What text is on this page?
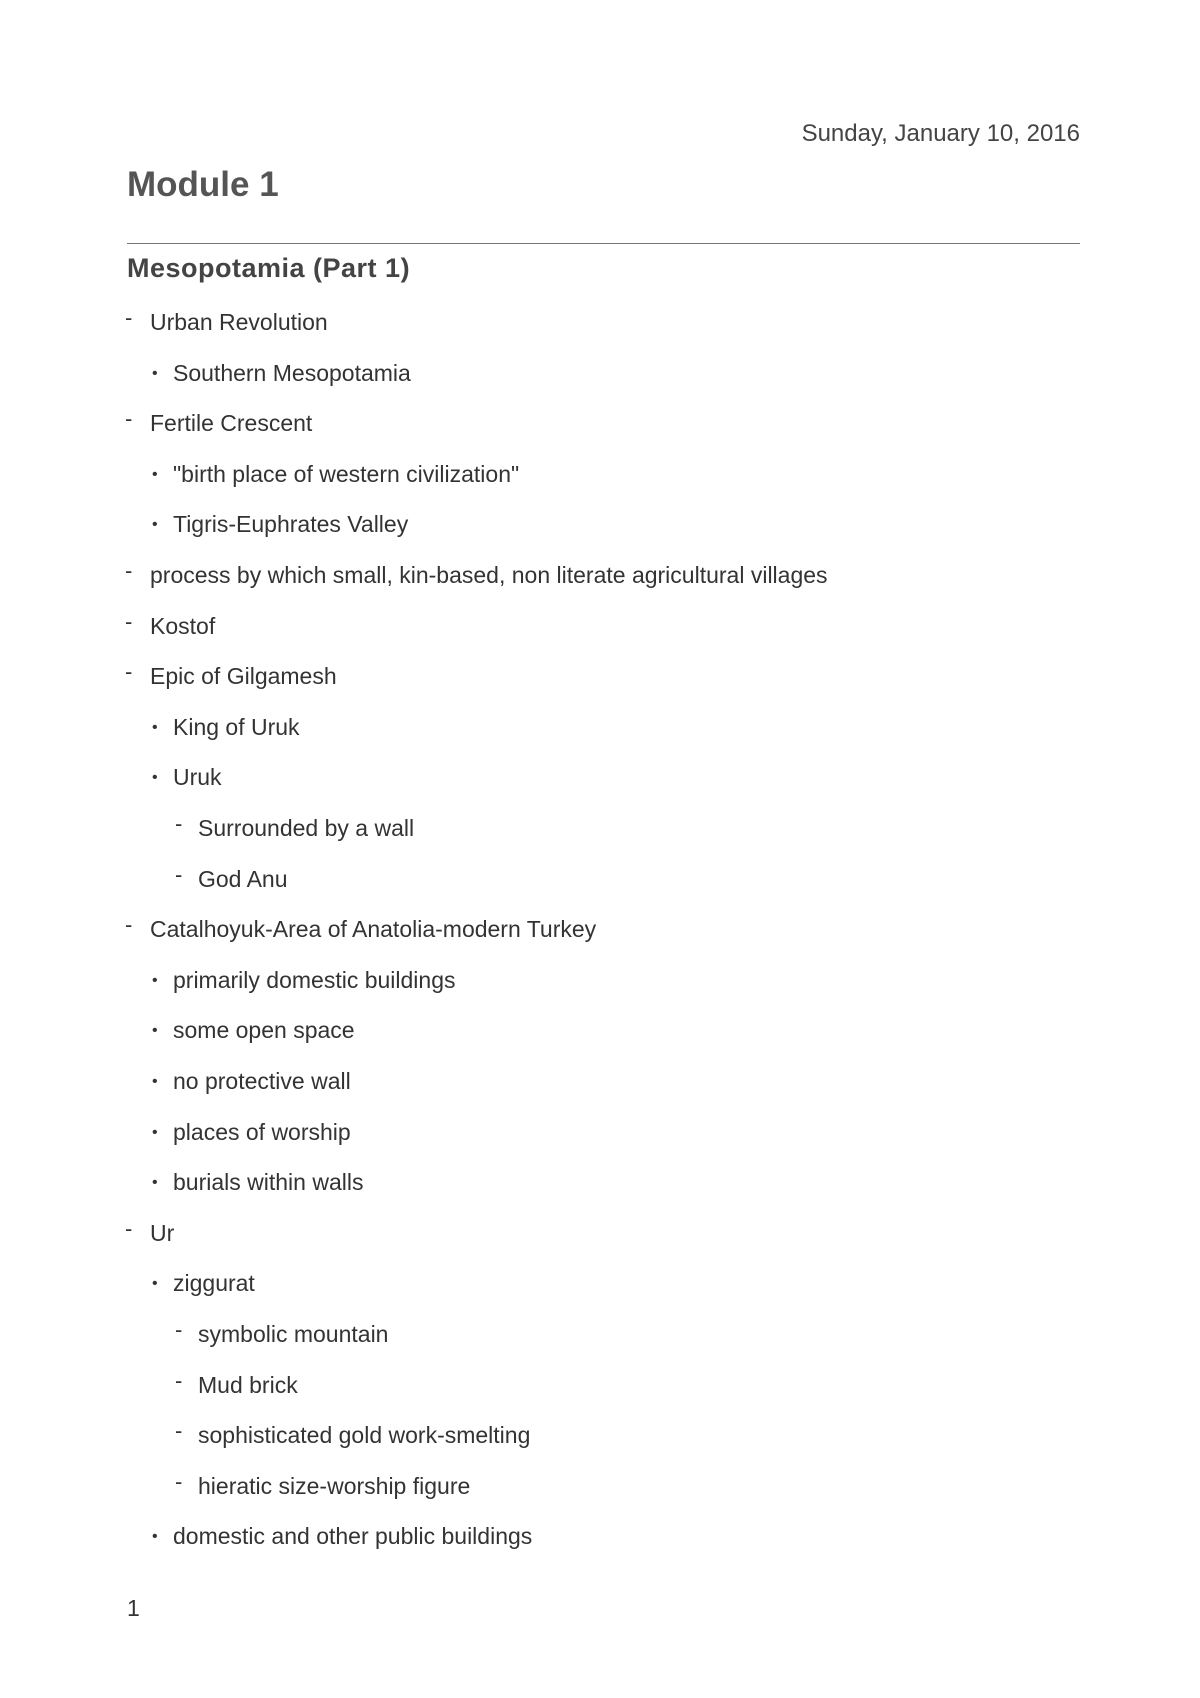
Sunday, January 10, 2016
Module 1
Mesopotamia (Part 1)
- Urban Revolution
• Southern Mesopotamia
- Fertile Crescent
• "birth place of western civilization"
• Tigris-Euphrates Valley
- process by which small, kin-based, non literate agricultural villages
- Kostof
- Epic of Gilgamesh
• King of Uruk
• Uruk
- Surrounded by a wall
- God Anu
- Catalhoyuk-Area of Anatolia-modern Turkey
• primarily domestic buildings
• some open space
• no protective wall
• places of worship
• burials within walls
- Ur
• ziggurat
- symbolic mountain
- Mud brick
- sophisticated gold work-smelting
- hieratic size-worship figure
• domestic and other public buildings
1
